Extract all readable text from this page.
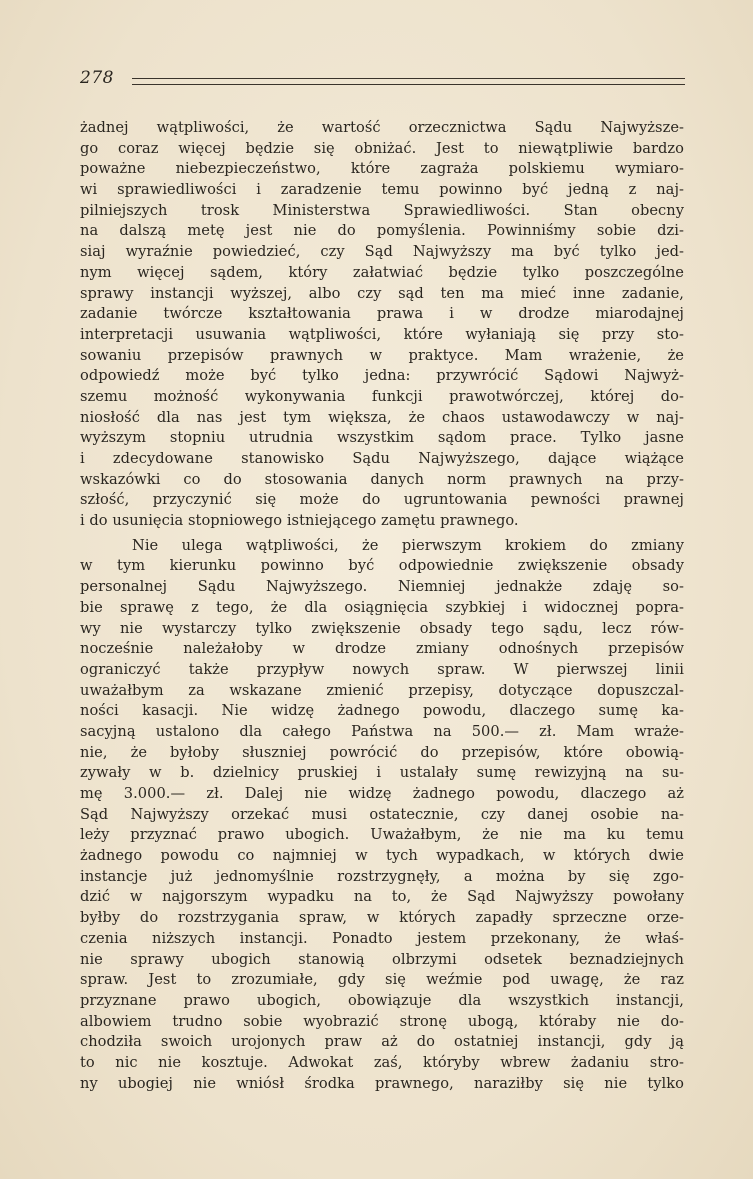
278
żadnej wątpliwości, że wartość orzecznictwa Sądu Najwyższe-
go coraz więcej będzie się obniżać. Jest to niewątpliwie bardzo
poważne niebezpieczeństwo, które zagraża polskiemu wymiaro-
wi sprawiedliwości i zaradzenie temu powinno być jedną z naj-
pilniejszych trosk Ministerstwa Sprawiedliwości. Stan obecny
na dalszą metę jest nie do pomyślenia. Powinniśmy sobie dzi-
siaj wyraźnie powiedzieć, czy Sąd Najwyższy ma być tylko jed-
nym więcej sądem, który załatwiać będzie tylko poszczególne
sprawy instancji wyższej, albo czy sąd ten ma mieć inne zadanie,
zadanie twórcze kształtowania prawa i w drodze miarodajnej
interpretacji usuwania wątpliwości, które wyłaniają się przy sto-
sowaniu przepisów prawnych w praktyce. Mam wrażenie, że
odpowiedź może być tylko jedna: przywrócić Sądowi Najwyż-
szemu możność wykonywania funkcji prawotwórczej, której do-
niosłość dla nas jest tym większa, że chaos ustawodawczy w naj-
wyższym stopniu utrudnia wszystkim sądom prace. Tylko jasne
i zdecydowane stanowisko Sądu Najwyższego, dające wiążące
wskazówki co do stosowania danych norm prawnych na przy-
szłość, przyczynić się może do ugruntowania pewności prawnej
i do usunięcia stopniowego istniejącego zamętu prawnego.
Nie ulega wątpliwości, że pierwszym krokiem do zmiany
w tym kierunku powinno być odpowiednie zwiększenie obsady
personalnej Sądu Najwyższego. Niemniej jednakże zdaję so-
bie sprawę z tego, że dla osiągnięcia szybkiej i widocznej popra-
wy nie wystarczy tylko zwiększenie obsady tego sądu, lecz rów-
nocześnie należałoby w drodze zmiany odnośnych przepisów
ograniczyć także przypływ nowych spraw. W pierwszej linii
uważałbym za wskazane zmienić przepisy, dotyczące dopuszczal-
ności kasacji. Nie widzę żadnego powodu, dlaczego sumę ka-
sacyjną ustalono dla całego Państwa na 500.— zł. Mam wraże-
nie, że byłoby słuszniej powrócić do przepisów, które obowią-
zywały w b. dzielnicy pruskiej i ustalały sumę rewizyjną na su-
mę 3.000.— zł. Dalej nie widzę żadnego powodu, dlaczego aż
Sąd Najwyższy orzekać musi ostatecznie, czy danej osobie na-
leży przyznać prawo ubogich. Uważałbym, że nie ma ku temu
żadnego powodu co najmniej w tych wypadkach, w których dwie
instancje już jednomyślnie rozstrzygnęły, a można by się zgo-
dzić w najgorszym wypadku na to, że Sąd Najwyższy powołany
byłby do rozstrzygania spraw, w których zapadły sprzeczne orze-
czenia niższych instancji. Ponadto jestem przekonany, że właś-
nie sprawy ubogich stanowią olbrzymi odsetek beznadziejnych
spraw. Jest to zrozumiałe, gdy się weźmie pod uwagę, że raz
przyznane prawo ubogich, obowiązuje dla wszystkich instancji,
albowiem trudno sobie wyobrazić stronę ubogą, któraby nie do-
chodziła swoich urojonych praw aż do ostatniej instancji, gdy ją
to nic nie kosztuje. Adwokat zaś, któryby wbrew żadaniu stro-
ny ubogiej nie wniósł środka prawnego, naraziłby się nie tylko
